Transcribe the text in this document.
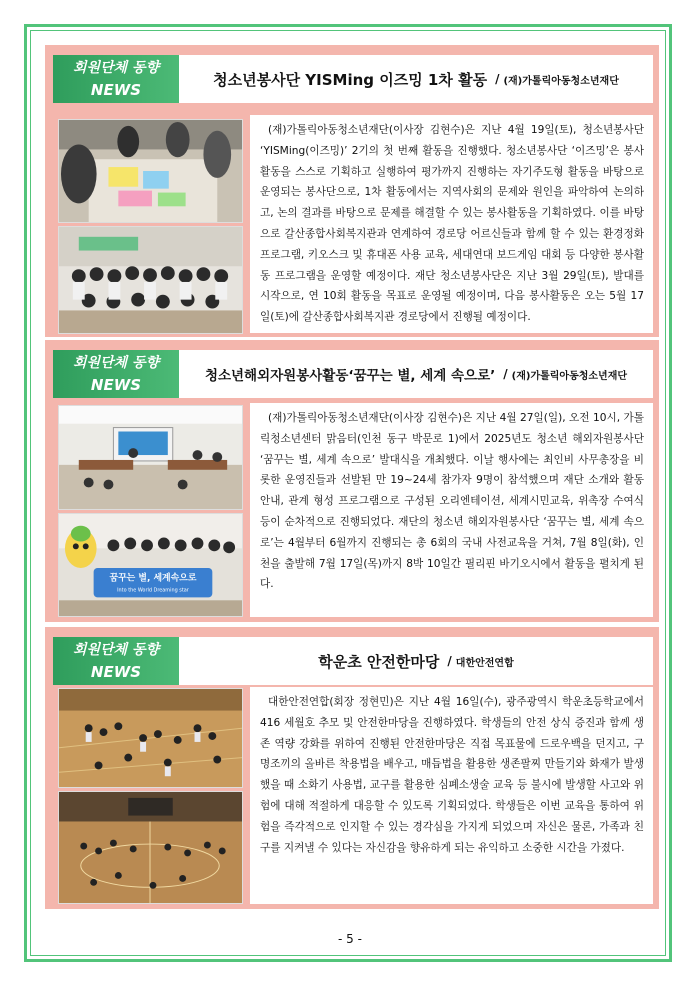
회원단체 동향
NEWS
청소년봉사단 YISMing 이즈밍 1차 활동 / (재)가톨릭아동청소년재단
(재)가톨릭아동청소년재단(이사장 김현수)은 지난 4월 19일(토), 청소년봉사단 ‘YISMing(이즈밍)’ 2기의 첫 번째 활동을 진행했다. 청소년봉사단 ‘이즈밍’은 봉사활동을 스스로 기획하고 실행하여 평가까지 진행하는 자기주도형 활동을 바탕으로 운영되는 봉사단으로, 1차 활동에서는 지역사회의 문제와 원인을 파악하여 논의하고, 논의 결과를 바탕으로 문제를 해결할 수 있는 봉사활동을 기획하였다. 이를 바탕으로 갈산종합사회복지관과 연계하여 경로당 어르신들과 함께 할 수 있는 환경정화 프로그램, 키오스크 및 휴대폰 사용 교육, 세대연대 보드게임 대회 등 다양한 봉사활동 프로그램을 운영할 예정이다. 재단 청소년봉사단은 지난 3월 29일(토), 발대를 시작으로, 연 10회 활동을 목표로 운영될 예정이며, 다음 봉사활동은 오는 5월 17일(토)에 갈산종합사회복지관 경로당에서 진행될 예정이다.
회원단체 동향
NEWS	청소년해외자원봉사활동‘꿈꾸는 별, 세계 속으로’ / (재)가톨릭아동청소년재단
꿈꾸는 별, 세계속으로
Into the World Dreaming star
(재)가톨릭아동청소년재단(이사장 김현수)은 지난 4월 27일(일), 오전 10시, 가톨릭청소년센터 맑음터(인천 동구 박문로 1)에서 2025년도 청소년 해외자원봉사단 ‘꿈꾸는 별, 세계 속으로’ 발대식을 개최했다. 이날 행사에는 최인비 사무총장을 비롯한 운영진들과 선발된 만 19~24세 참가자 9명이 참석했으며 재단 소개와 활동 안내, 관계 형성 프로그램으로 구성된 오리엔테이션, 세계시민교육, 위촉장 수여식 등이 순차적으로 진행되었다. 재단의 청소년 해외자원봉사단 ‘꿈꾸는 별, 세계 속으로’는 4월부터 6월까지 진행되는 총 6회의 국내 사전교육을 거쳐, 7월 8일(화), 인천을 출발해 7월 17일(목)까지 8박 10일간 필리핀 바기오시에서 활동을 펼치게 된다.
회원단체 동향
NEWS
학운초 안전한마당 / 대한안전연합
대한안전연합(회장 정현민)은 지난 4월 16일(수), 광주광역시 학운초등학교에서 416 세월호 추모 및 안전한마당을 진행하였다. 학생들의 안전 상식 증진과 함께 생존 역량 강화를 위하여 진행된 안전한마당은 직접 목표물에 드로우백을 던지고, 구명조끼의 올바른 착용법을 배우고, 매듭법을 활용한 생존팔찌 만들기와 화재가 발생했을 때 소화기 사용법, 교구를 활용한 심폐소생술 교육 등 불시에 발생할 사고와 위험에 대해 적절하게 대응할 수 있도록 기획되었다. 학생들은 이번 교육을 통하여 위험을 즉각적으로 인지할 수 있는 경각심을 가지게 되었으며 자신은 물론, 가족과 친구를 지켜낼 수 있다는 자신감을 향유하게 되는 유익하고 소중한 시간을 가졌다.
- 5 -
